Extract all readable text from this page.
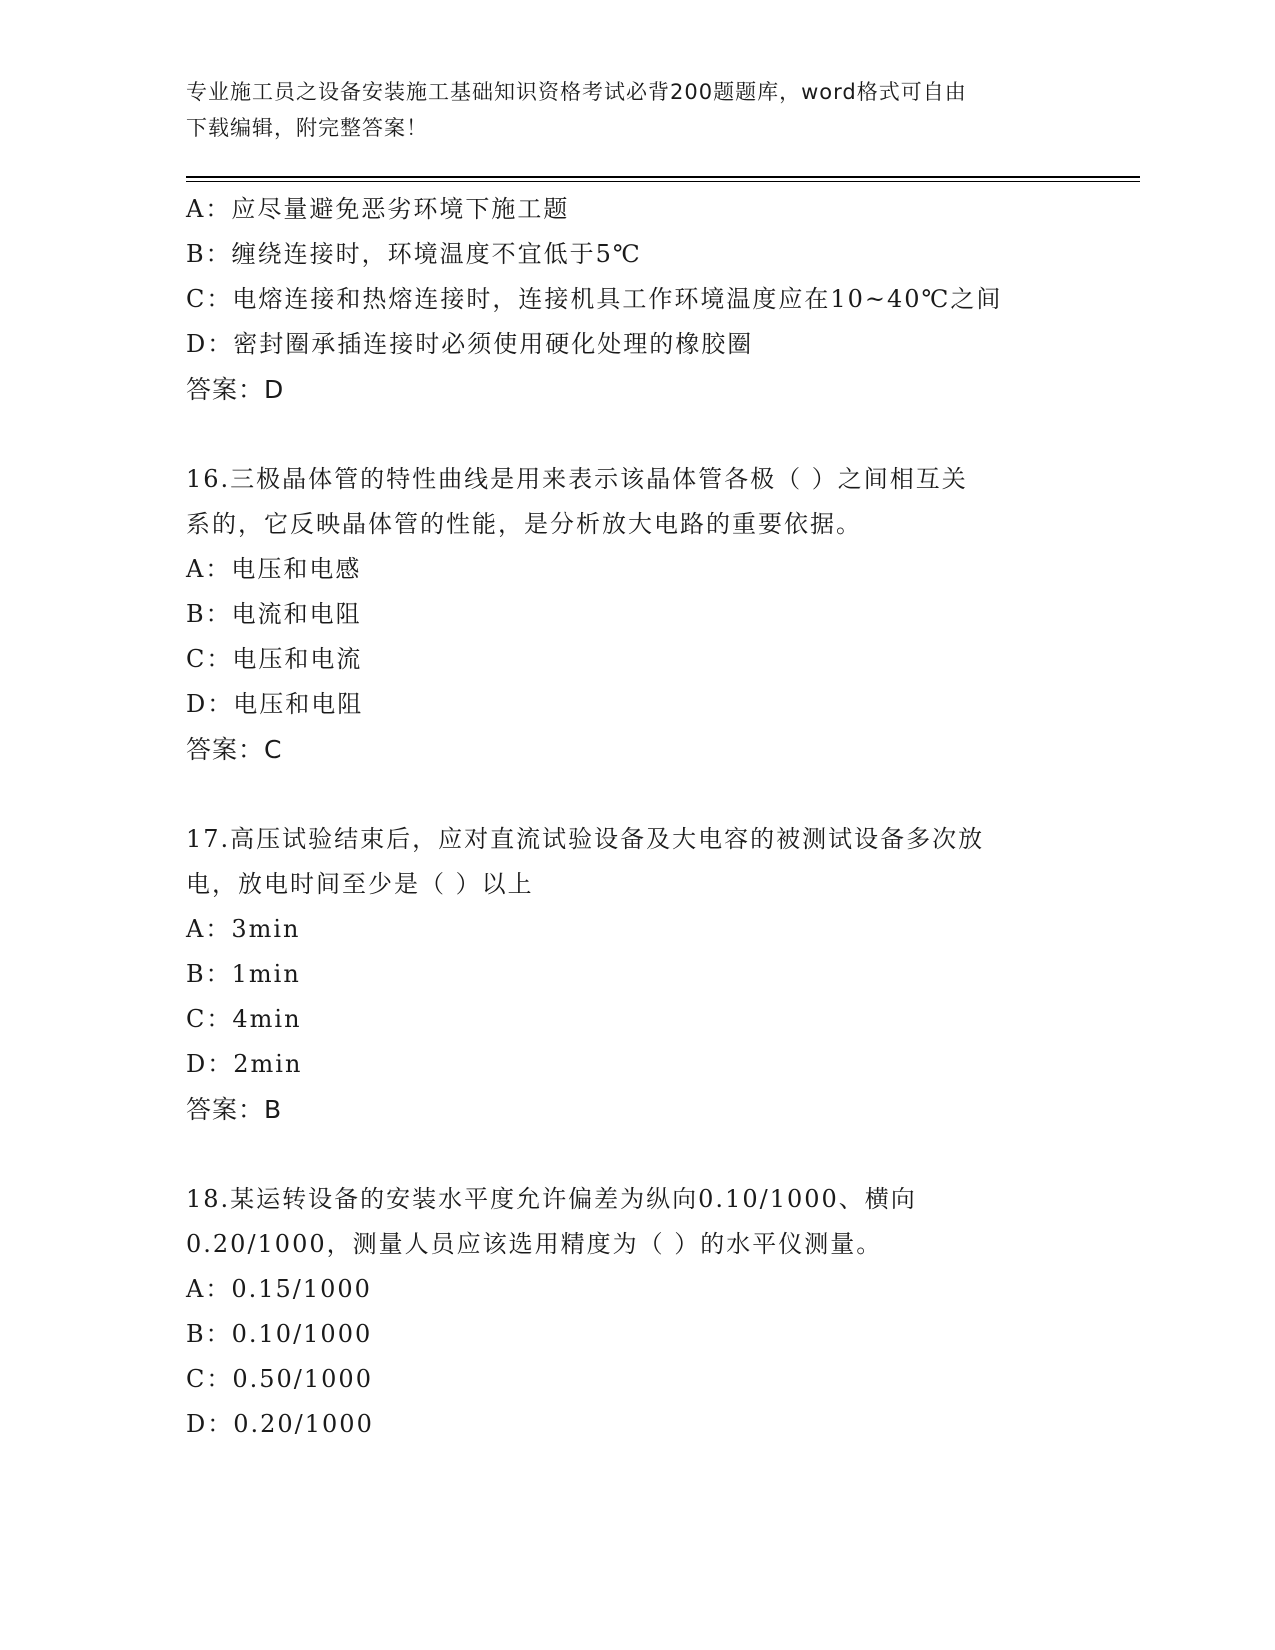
专业施工员之设备安装施工基础知识资格考试必背200题题库，word格式可自由
下载编辑，附完整答案！
A：应尽量避免恶劣环境下施工题
B：缠绕连接时，环境温度不宜低于5℃
C：电熔连接和热熔连接时，连接机具工作环境温度应在10~40℃之间
D：密封圈承插连接时必须使用硬化处理的橡胶圈
答案：D
16.三极晶体管的特性曲线是用来表示该晶体管各极（ ）之间相互关
系的，它反映晶体管的性能，是分析放大电路的重要依据。
A：电压和电感
B：电流和电阻
C：电压和电流
D：电压和电阻
答案：C
17.高压试验结束后，应对直流试验设备及大电容的被测试设备多次放
电，放电时间至少是（ ）以上
A：3min
B：1min
C：4min
D：2min
答案：B
18.某运转设备的安装水平度允许偏差为纵向0.10/1000、横向
0.20/1000，测量人员应该选用精度为（ ）的水平仪测量。
A：0.15/1000
B：0.10/1000
C：0.50/1000
D：0.20/1000
